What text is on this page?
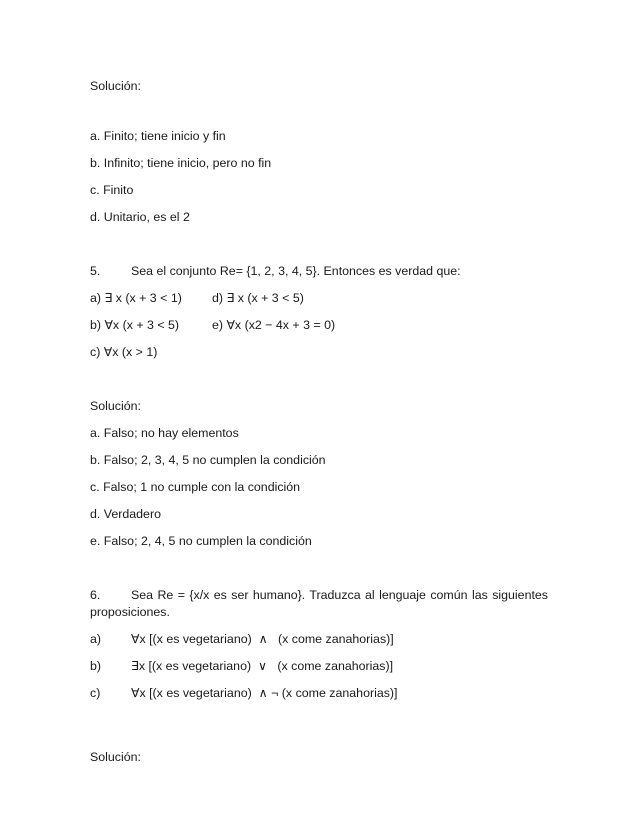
Solución:
a. Finito; tiene inicio y fin
b. Infinito; tiene inicio, pero no fin
c. Finito
d. Unitario, es el 2
5. Sea el conjunto Re= {1, 2, 3, 4, 5}. Entonces es verdad que:
a) ∃ x (x + 3 < 1) d) ∃ x (x + 3 < 5)
b) ∀x (x + 3 < 5)	e) ∀x (x2 − 4x + 3 = 0)
c) ∀x (x > 1)
Solución:
a. Falso; no hay elementos
b. Falso; 2, 3, 4, 5 no cumplen la condición
c. Falso; 1 no cumple con la condición
d. Verdadero
e. Falso; 2, 4, 5 no cumplen la condición
6. Sea Re = {x/x es ser humano}. Traduzca al lenguaje común las siguientes
proposiciones.
a) ∀x [(x es vegetariano)  ∧   (x come zanahorias)]
b) ∃x [(x es vegetariano)  ∨   (x come zanahorias)]
c) ∀x [(x es vegetariano)  ∧ ¬ (x come zanahorias)]
Solución:
